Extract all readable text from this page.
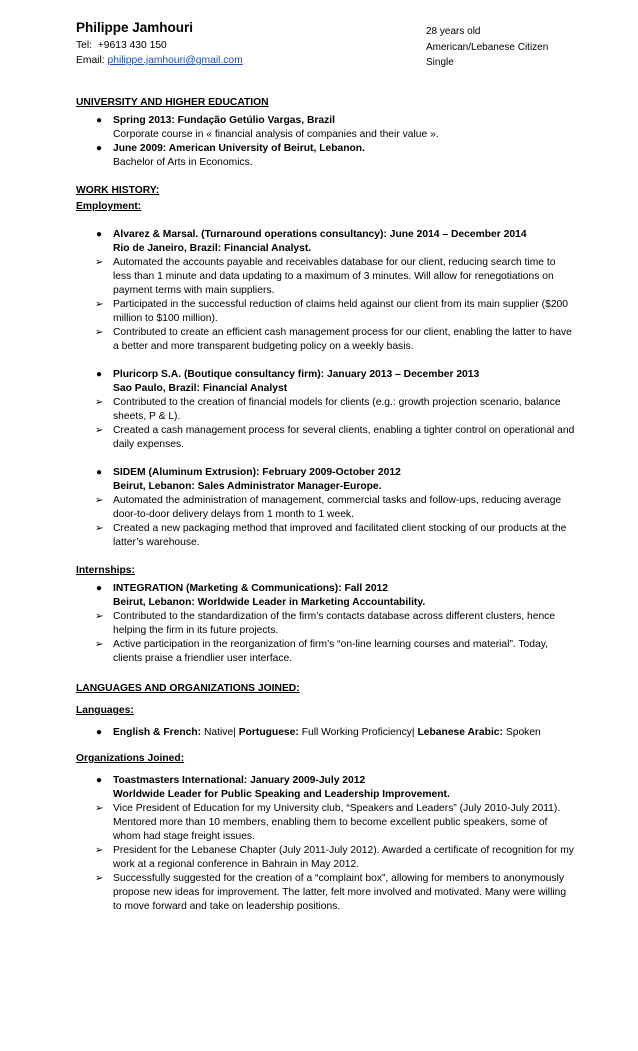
Philippe Jamhouri
Tel: +9613 430 150
Email: philippe.jamhouri@gmail.com
28 years old
American/Lebanese Citizen
Single
UNIVERSITY AND HIGHER EDUCATION
●	Spring 2013: Fundação Getúlio Vargas, Brazil
Corporate course in « financial analysis of companies and their value ».
●	June 2009: American University of Beirut, Lebanon.
Bachelor of Arts in Economics.
WORK HISTORY:
Employment:
●	Alvarez & Marsal. (Turnaround operations consultancy): June 2014 – December 2014
Rio de Janeiro, Brazil: Financial Analyst.
➢ Automated the accounts payable and receivables database for our client, reducing search time to less than 1 minute and data updating to a maximum of 3 minutes. Will allow for renegotiations on payment terms with main suppliers.
➢ Participated in the successful reduction of claims held against our client from its main supplier ($200 million to $100 million).
➢ Contributed to create an efficient cash management process for our client, enabling the latter to have a better and more transparent budgeting policy on a weekly basis.
●	Pluricorp S.A. (Boutique consultancy firm): January 2013 – December 2013
Sao Paulo, Brazil: Financial Analyst
➢ Contributed to the creation of financial models for clients (e.g.: growth projection scenario, balance sheets, P & L).
➢ Created a cash management process for several clients, enabling a tighter control on operational and daily expenses.
●	SIDEM (Aluminum Extrusion): February 2009-October 2012
Beirut, Lebanon: Sales Administrator Manager-Europe.
➢ Automated the administration of management, commercial tasks and follow-ups, reducing average door-to-door delivery delays from 1 month to 1 week.
➢ Created a new packaging method that improved and facilitated client stocking of our products at the latter’s warehouse.
Internships:
●	INTEGRATION (Marketing & Communications): Fall 2012
Beirut, Lebanon: Worldwide Leader in Marketing Accountability.
➢ Contributed to the standardization of the firm’s contacts database across different clusters, hence helping the firm in its future projects.
➢ Active participation in the reorganization of firm’s “on-line learning courses and material”. Today, clients praise a friendlier user interface.
LANGUAGES AND ORGANIZATIONS JOINED:
Languages:
●	English & French: Native| Portuguese: Full Working Proficiency| Lebanese Arabic: Spoken
Organizations Joined:
●	Toastmasters International: January 2009-July 2012
Worldwide Leader for Public Speaking and Leadership Improvement.
➢ Vice President of Education for my University club, “Speakers and Leaders” (July 2010-July 2011). Mentored more than 10 members, enabling them to become excellent public speakers, some of whom had stage freight issues.
➢ President for the Lebanese Chapter (July 2011-July 2012). Awarded a certificate of recognition for my work at a regional conference in Bahrain in May 2012.
➢ Successfully suggested for the creation of a “complaint box”, allowing for members to anonymously propose new ideas for improvement. The latter, felt more involved and motivated. Many were willing to move forward and take on leadership positions.
